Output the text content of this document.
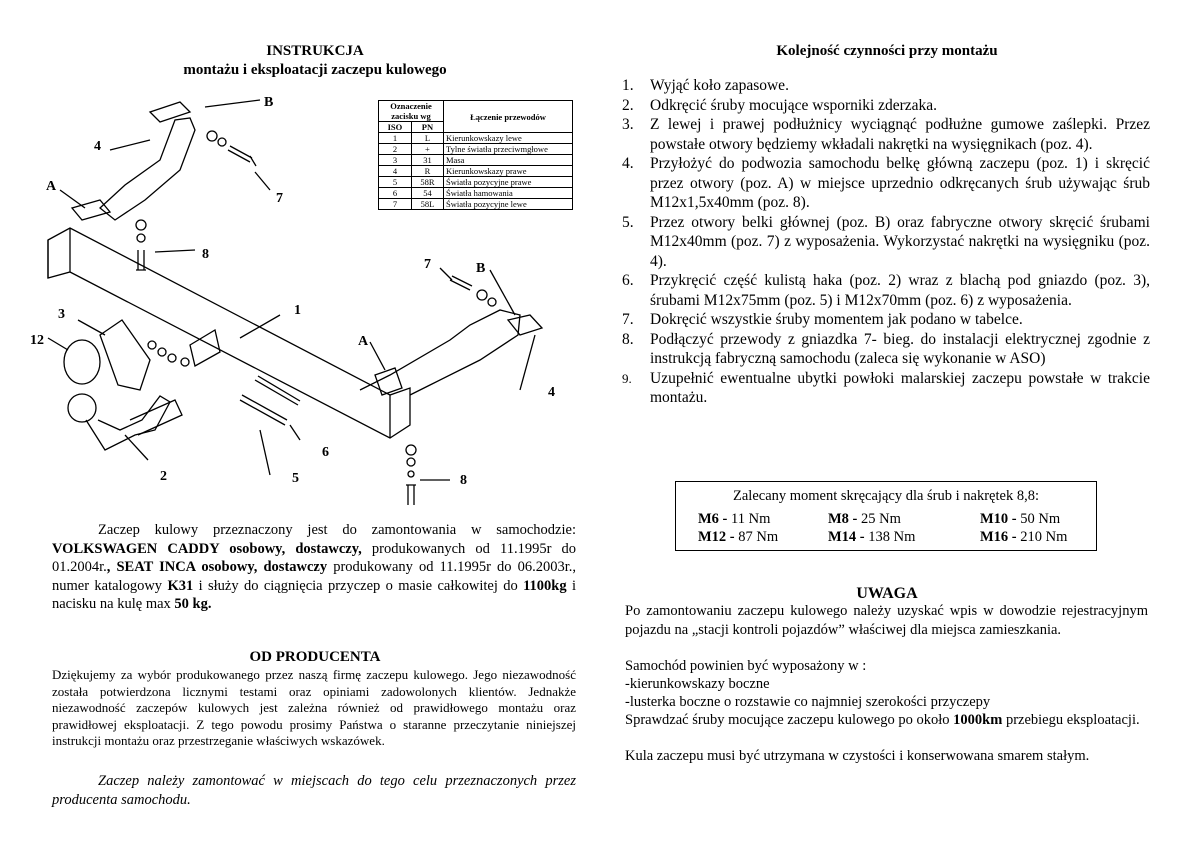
INSTRUKCJA
montażu i eksploatacji zaczepu kulowego
B
4
A
7
8
1
7	B
3
12	A
4
6
2	5	8
Oznaczenie zacisku wg		Łączenie przewodów
ISO	PN	
1	L	Kierunkowskazy lewe
2	+	Tylne światła przeciwmgłowe
3	31	Masa
4	R	Kierunkowskazy prawe
5	58R	Światła pozycyjne prawe
6	54	Światła hamowania
7	58L	Światła pozycyjne lewe
Zaczep kulowy przeznaczony jest do zamontowania w samochodzie: VOLKSWAGEN CADDY osobowy, dostawczy, produkowanych od 11.1995r do 01.2004r., SEAT INCA osobowy, dostawczy produkowany od 11.1995r do 06.2003r., numer katalogowy K31 i służy do ciągnięcia przyczep o masie całkowitej do 1100kg i nacisku na kulę max 50 kg.
OD PRODUCENTA
Dziękujemy za wybór produkowanego przez naszą firmę zaczepu kulowego. Jego niezawodność została potwierdzona licznymi testami oraz opiniami zadowolonych klientów. Jednakże niezawodność zaczepów kulowych jest zależna również od prawidłowego montażu oraz prawidłowej eksploatacji. Z tego powodu prosimy Państwa o staranne przeczytanie niniejszej instrukcji montażu oraz przestrzeganie właściwych wskazówek.
Zaczep należy zamontować w miejscach do tego celu przeznaczonych przez producenta samochodu.
Kolejność czynności przy montażu
1. Wyjąć koło zapasowe.
2. Odkręcić śruby mocujące wsporniki zderzaka.
3. Z lewej i prawej podłużnicy wyciągnąć podłużne gumowe zaślepki. Przez powstałe otwory będziemy wkładali nakrętki na wysięgnikach (poz. 4).
4. Przyłożyć do podwozia samochodu belkę główną zaczepu (poz. 1) i skręcić przez otwory (poz. A) w miejsce uprzednio odkręcanych śrub używając śrub M12x1,5x40mm (poz. 8).
5. Przez otwory belki głównej (poz. B) oraz fabryczne otwory skręcić śrubami M12x40mm (poz. 7) z wyposażenia. Wykorzystać nakrętki na wysięgniku (poz. 4).
6. Przykręcić część kulistą haka (poz. 2) wraz z blachą pod gniazdo (poz. 3), śrubami M12x75mm (poz. 5) i M12x70mm (poz. 6) z wyposażenia.
7. Dokręcić wszystkie śruby momentem jak podano w tabelce.
8. Podłączyć przewody z gniazdka 7- bieg. do instalacji elektrycznej zgodnie z instrukcją fabryczną samochodu (zaleca się wykonanie w ASO)
9. Uzupełnić ewentualne ubytki powłoki malarskiej zaczepu powstałe w trakcie montażu.
Zalecany moment skręcający dla śrub i nakrętek 8,8:
M6 - 11 Nm	M8 - 25 Nm	M10 - 50 Nm
M12 - 87 Nm	M14 - 138 Nm	M16 - 210 Nm
UWAGA
Po zamontowaniu zaczepu kulowego należy uzyskać wpis w dowodzie rejestracyjnym pojazdu na „stacji kontroli pojazdów” właściwej dla miejsca zamieszkania.
Samochód powinien być wyposażony w :
-kierunkowskazy boczne
-lusterka boczne o rozstawie co najmniej szerokości przyczepy
Sprawdzać śruby mocujące zaczepu kulowego po około 1000km przebiegu eksploatacji.
Kula zaczepu musi być utrzymana w czystości i konserwowana smarem stałym.
